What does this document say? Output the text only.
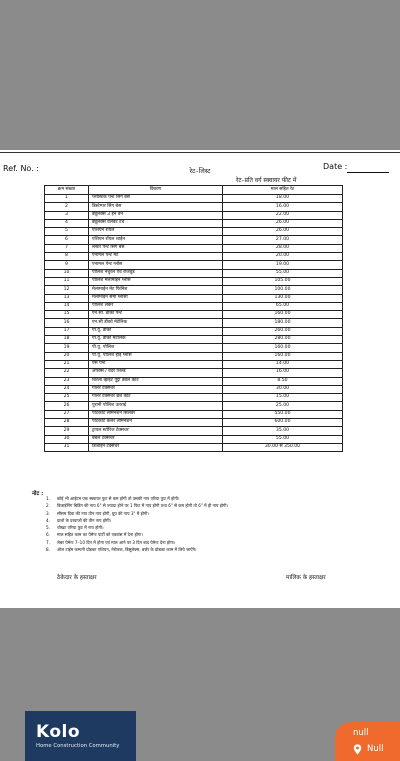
Ref. No. :	Date :
रेट–लिस्ट
रेट–प्रति वर्ग स्क्वायर फीट में
क्रम संख्या	विवरण	माल सहित रेट
1	प्लास्टिक पेन्ट सिंग बेस	18.00
2	डिस्टेम्पर सिंग बेस	16.00
3	ड्यूलेक्स 3 इन वन	22.00
4	ड्यूलेक्स वेलवेट टच	26.00
5	एशियन रॉयल	26.00
6	एशियन रॉयल शाईन	27.00
7	लस्टर पेन्ट सिंग बेस	28.00
8	एनामल पेन्ट मेट	20.00
9	एनामल पेन्ट ग्लोस	19.00
10	पोलिश नेचुरल एवं रोजवुड	55.00
11	पोलिश मेलामाईन ग्लोस	105.00
12	मेलामाईन मेट फिनिश	100.00
13	मेलामाईन सेमी ग्लोसी	130.00
14	पोलिश लेकर	65.00
15	एन.सी. डीको पेन्ट	160.00
16	एन.सी डीको मेटेलिक	180.00
17	पी.यू. डीको	260.00
18	पी.यू. डीको मेटेलिक	280.00
19	पी.यू. पोलिश	160.00
20	पी.यू. पोलिश हाई ग्लोस	160.00
21	एस पेन्ट	14.00
22	अपेक्स / वेदर शिल्ड	16.00
23	बिरला व्हाईट पुट्टी डबल कोट	8.50
24	गोलर टेक्सचर	30.00
25	गोलर टेक्सचर ब्रश कोट	15.00
26	पुरानी पोलिश उतराई	25.00
27	पेंटिकोट लेमिनेशन सिलवर	550.00
28	पेंटिकोट कलर लेमिनेशन	600.00
29	ट्रायल स्टोरिज टेक्सचर	35.00
30	बबल टेक्सचर	55.00
31	डिजाईन टेक्सचर	30.00 से 350.00
नोट :
1. कोई भी आईटम एक स्क्वायर फुट से कम होगी तो उसकी नाप एरिया फुट में होगी।
2. डिजाईनिंग बिडिंग की नाप 6" से ज्यादा होने पर 1 फिट में नाप होगी तथा 6" से कम होगी तो 6" में ही नाप होगी।
3. सीसम दिवा की नाप तीन नाप होगी, ग्रुप की नाप 3" में होगी।
4. दालों के दरवाजों की तीन नाप होगी।
5. चोखट एरिया फुट में नाप होगी।
6. माल सहित काम का पेमेन्ट पार्टी को एडवांस में देना होगा।
7. लेबर पेमेन्ट 7–10 दिन में होगा एवं माल आने पर 3 दिन बाद पेमेन्ट देना होगा।
8. ऑल टाईम कम्पनी प्रोडक्ट एशियन, नेरोलक, डिसूलेक्स, बर्जर के प्रोडक्ट काम में लिये जाऐंगे।
ठेकेदार के हस्ताक्षर	मालिक के हस्ताक्षर
Kolo
Home Construction Community
null
Null
